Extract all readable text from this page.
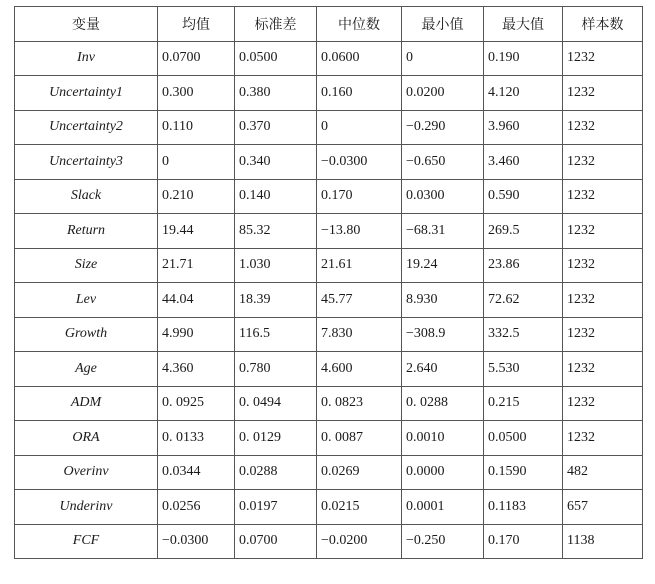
变量	均值	标准差	中位数	最小值	最大值	样本数
Inv	0.0700	0.0500	0.0600	0	0.190	1232
Uncertainty1	0.300	0.380	0.160	0.0200	4.120	1232
Uncertainty2	0.110	0.370	0	−0.290	3.960	1232
Uncertainty3	0	0.340	−0.0300	−0.650	3.460	1232
Slack	0.210	0.140	0.170	0.0300	0.590	1232
Return	19.44	85.32	−13.80	−68.31	269.5	1232
Size	21.71	1.030	21.61	19.24	23.86	1232
Lev	44.04	18.39	45.77	8.930	72.62	1232
Growth	4.990	116.5	7.830	−308.9	332.5	1232
Age	4.360	0.780	4.600	2.640	5.530	1232
ADM	0. 0925	0. 0494	0. 0823	0. 0288	0.215	1232
ORA	0. 0133	0. 0129	0. 0087	0.0010	0.0500	1232
Overinv	0.0344	0.0288	0.0269	0.0000	0.1590	482
Underinv	0.0256	0.0197	0.0215	0.0001	0.1183	657
FCF	−0.0300	0.0700	−0.0200	−0.250	0.170	1138
